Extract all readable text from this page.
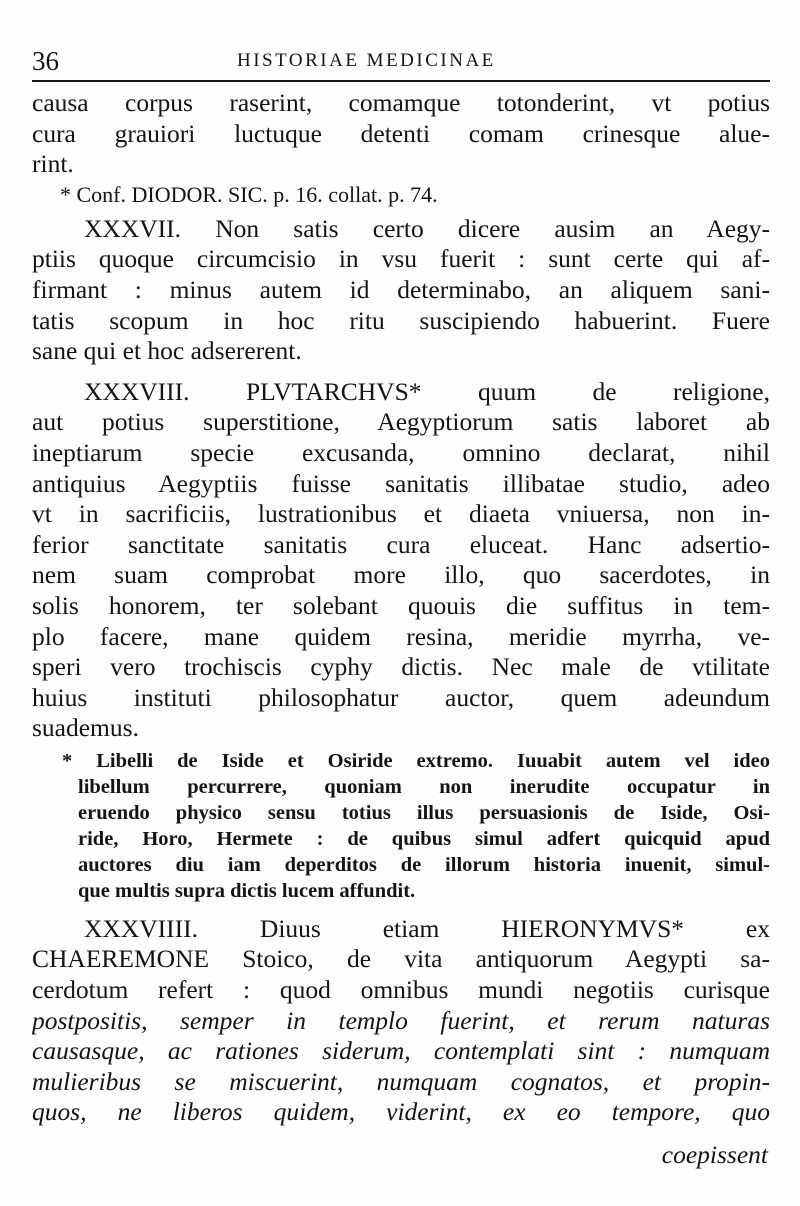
36	HISTORIAE MEDICINAE
causa corpus raserint, comamque totonderint, vt potius
cura grauiori luctuque detenti comam crinesque alue-
rint.
* Conf. DIODOR. SIC. p. 16. collat. p. 74.
XXXVII. Non satis certo dicere ausim an Aegy-
ptiis quoque circumcisio in vsu fuerit : sunt certe qui af-
firmant : minus autem id determinabo, an aliquem sani-
tatis scopum in hoc ritu suscipiendo habuerint. Fuere
sane qui et hoc adsererent.
XXXVIII. PLVTARCHVS* quum de religione,
aut potius superstitione, Aegyptiorum satis laboret ab
ineptiarum specie excusanda, omnino declarat, nihil
antiquius Aegyptiis fuisse sanitatis illibatae studio, adeo
vt in sacrificiis, lustrationibus et diaeta vniuersa, non in-
ferior sanctitate sanitatis cura eluceat. Hanc adsertio-
nem suam comprobat more illo, quo sacerdotes, in
solis honorem, ter solebant quouis die suffitus in tem-
plo facere, mane quidem resina, meridie myrrha, ve-
speri vero trochiscis cyphy dictis. Nec male de vtilitate
huius instituti philosophatur auctor, quem adeundum
suademus.
* Libelli de Iside et Osiride extremo. Iuuabit autem vel ideo
libellum percurrere, quoniam non inerudite occupatur in
eruendo physico sensu totius illus persuasionis de Iside, Osi-
ride, Horo, Hermete : de quibus simul adfert quicquid apud
auctores diu iam deperditos de illorum historia inuenit, simul-
que multis supra dictis lucem affundit.
XXXVIIII. Diuus etiam HIERONYMVS* ex
CHAEREMONE Stoico, de vita antiquorum Aegypti sa-
cerdotum refert : quod omnibus mundi negotiis curisque
postpositis, semper in templo fuerint, et rerum naturas
causasque, ac rationes siderum, contemplati sint : numquam
mulieribus se miscuerint, numquam cognatos, et propin-
quos, ne liberos quidem, viderint, ex eo tempore, quo
coepissent
